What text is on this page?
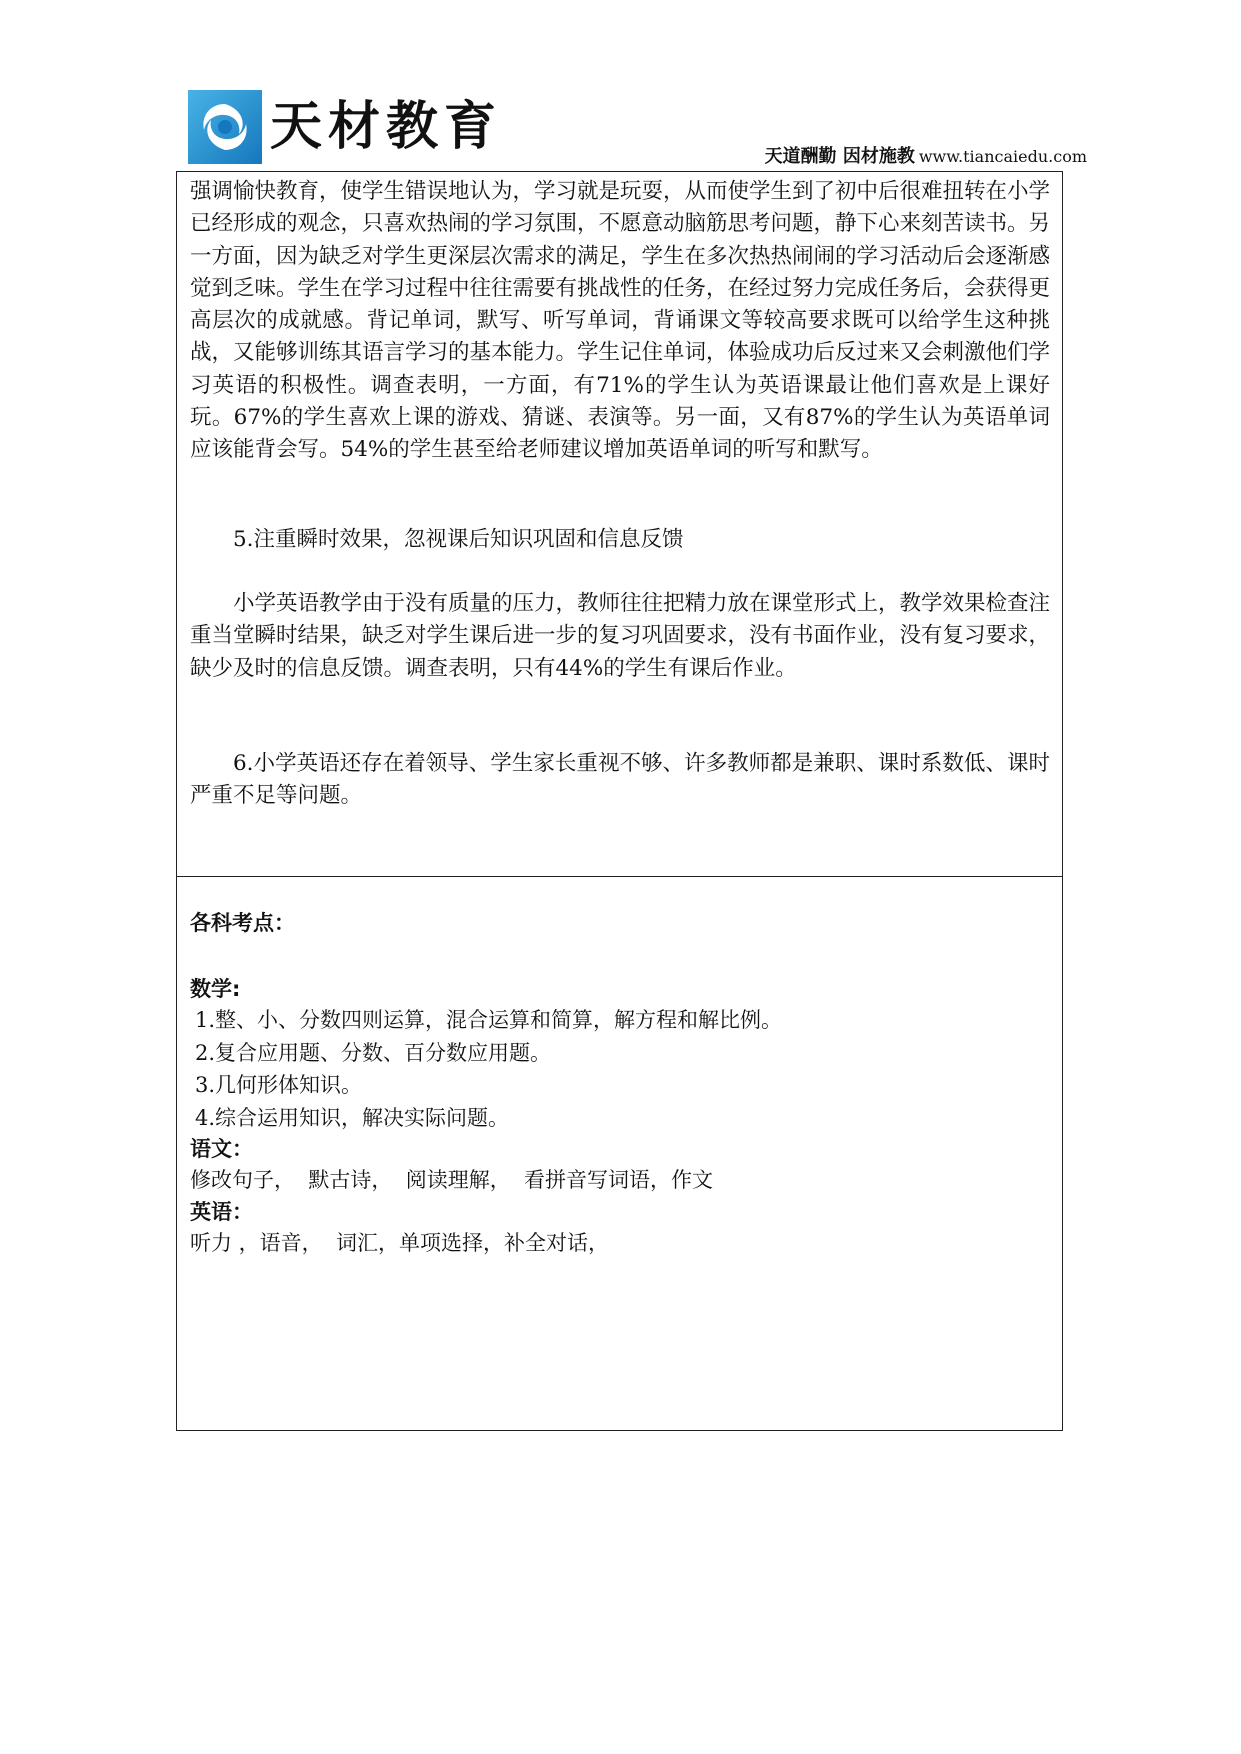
天材教育	天道酬勤 因材施教 www.tiancaiedu.com

强调愉快教育，使学生错误地认为，学习就是玩耍，从而使学生到了初中后很难扭转在小学已经形成的观念，只喜欢热闹的学习氛围，不愿意动脑筋思考问题，静下心来刻苦读书。另一方面，因为缺乏对学生更深层次需求的满足，学生在多次热热闹闹的学习活动后会逐渐感觉到乏味。学生在学习过程中往往需要有挑战性的任务，在经过努力完成任务后，会获得更高层次的成就感。背记单词，默写、听写单词，背诵课文等较高要求既可以给学生这种挑战，又能够训练其语言学习的基本能力。学生记住单词，体验成功后反过来又会刺激他们学习英语的积极性。调查表明，一方面，有71%的学生认为英语课最让他们喜欢是上课好玩。67%的学生喜欢上课的游戏、猜谜、表演等。另一面，又有87%的学生认为英语单词应该能背会写。54%的学生甚至给老师建议增加英语单词的听写和默写。

5.注重瞬时效果，忽视课后知识巩固和信息反馈

小学英语教学由于没有质量的压力，教师往往把精力放在课堂形式上，教学效果检查注重当堂瞬时结果，缺乏对学生课后进一步的复习巩固要求，没有书面作业，没有复习要求，缺少及时的信息反馈。调查表明，只有44%的学生有课后作业。

6.小学英语还存在着领导、学生家长重视不够、许多教师都是兼职、课时系数低、课时严重不足等问题。

各科考点：

数学:

1.整、小、分数四则运算，混合运算和简算，解方程和解比例。

2.复合应用题、分数、百分数应用题。

3.几何形体知识。

4.综合运用知识，解决实际问题。

语文：

修改句子，  默古诗，  阅读理解，  看拼音写词语，作文

英语：

听力 ，语音，  词汇，单项选择，补全对话，
